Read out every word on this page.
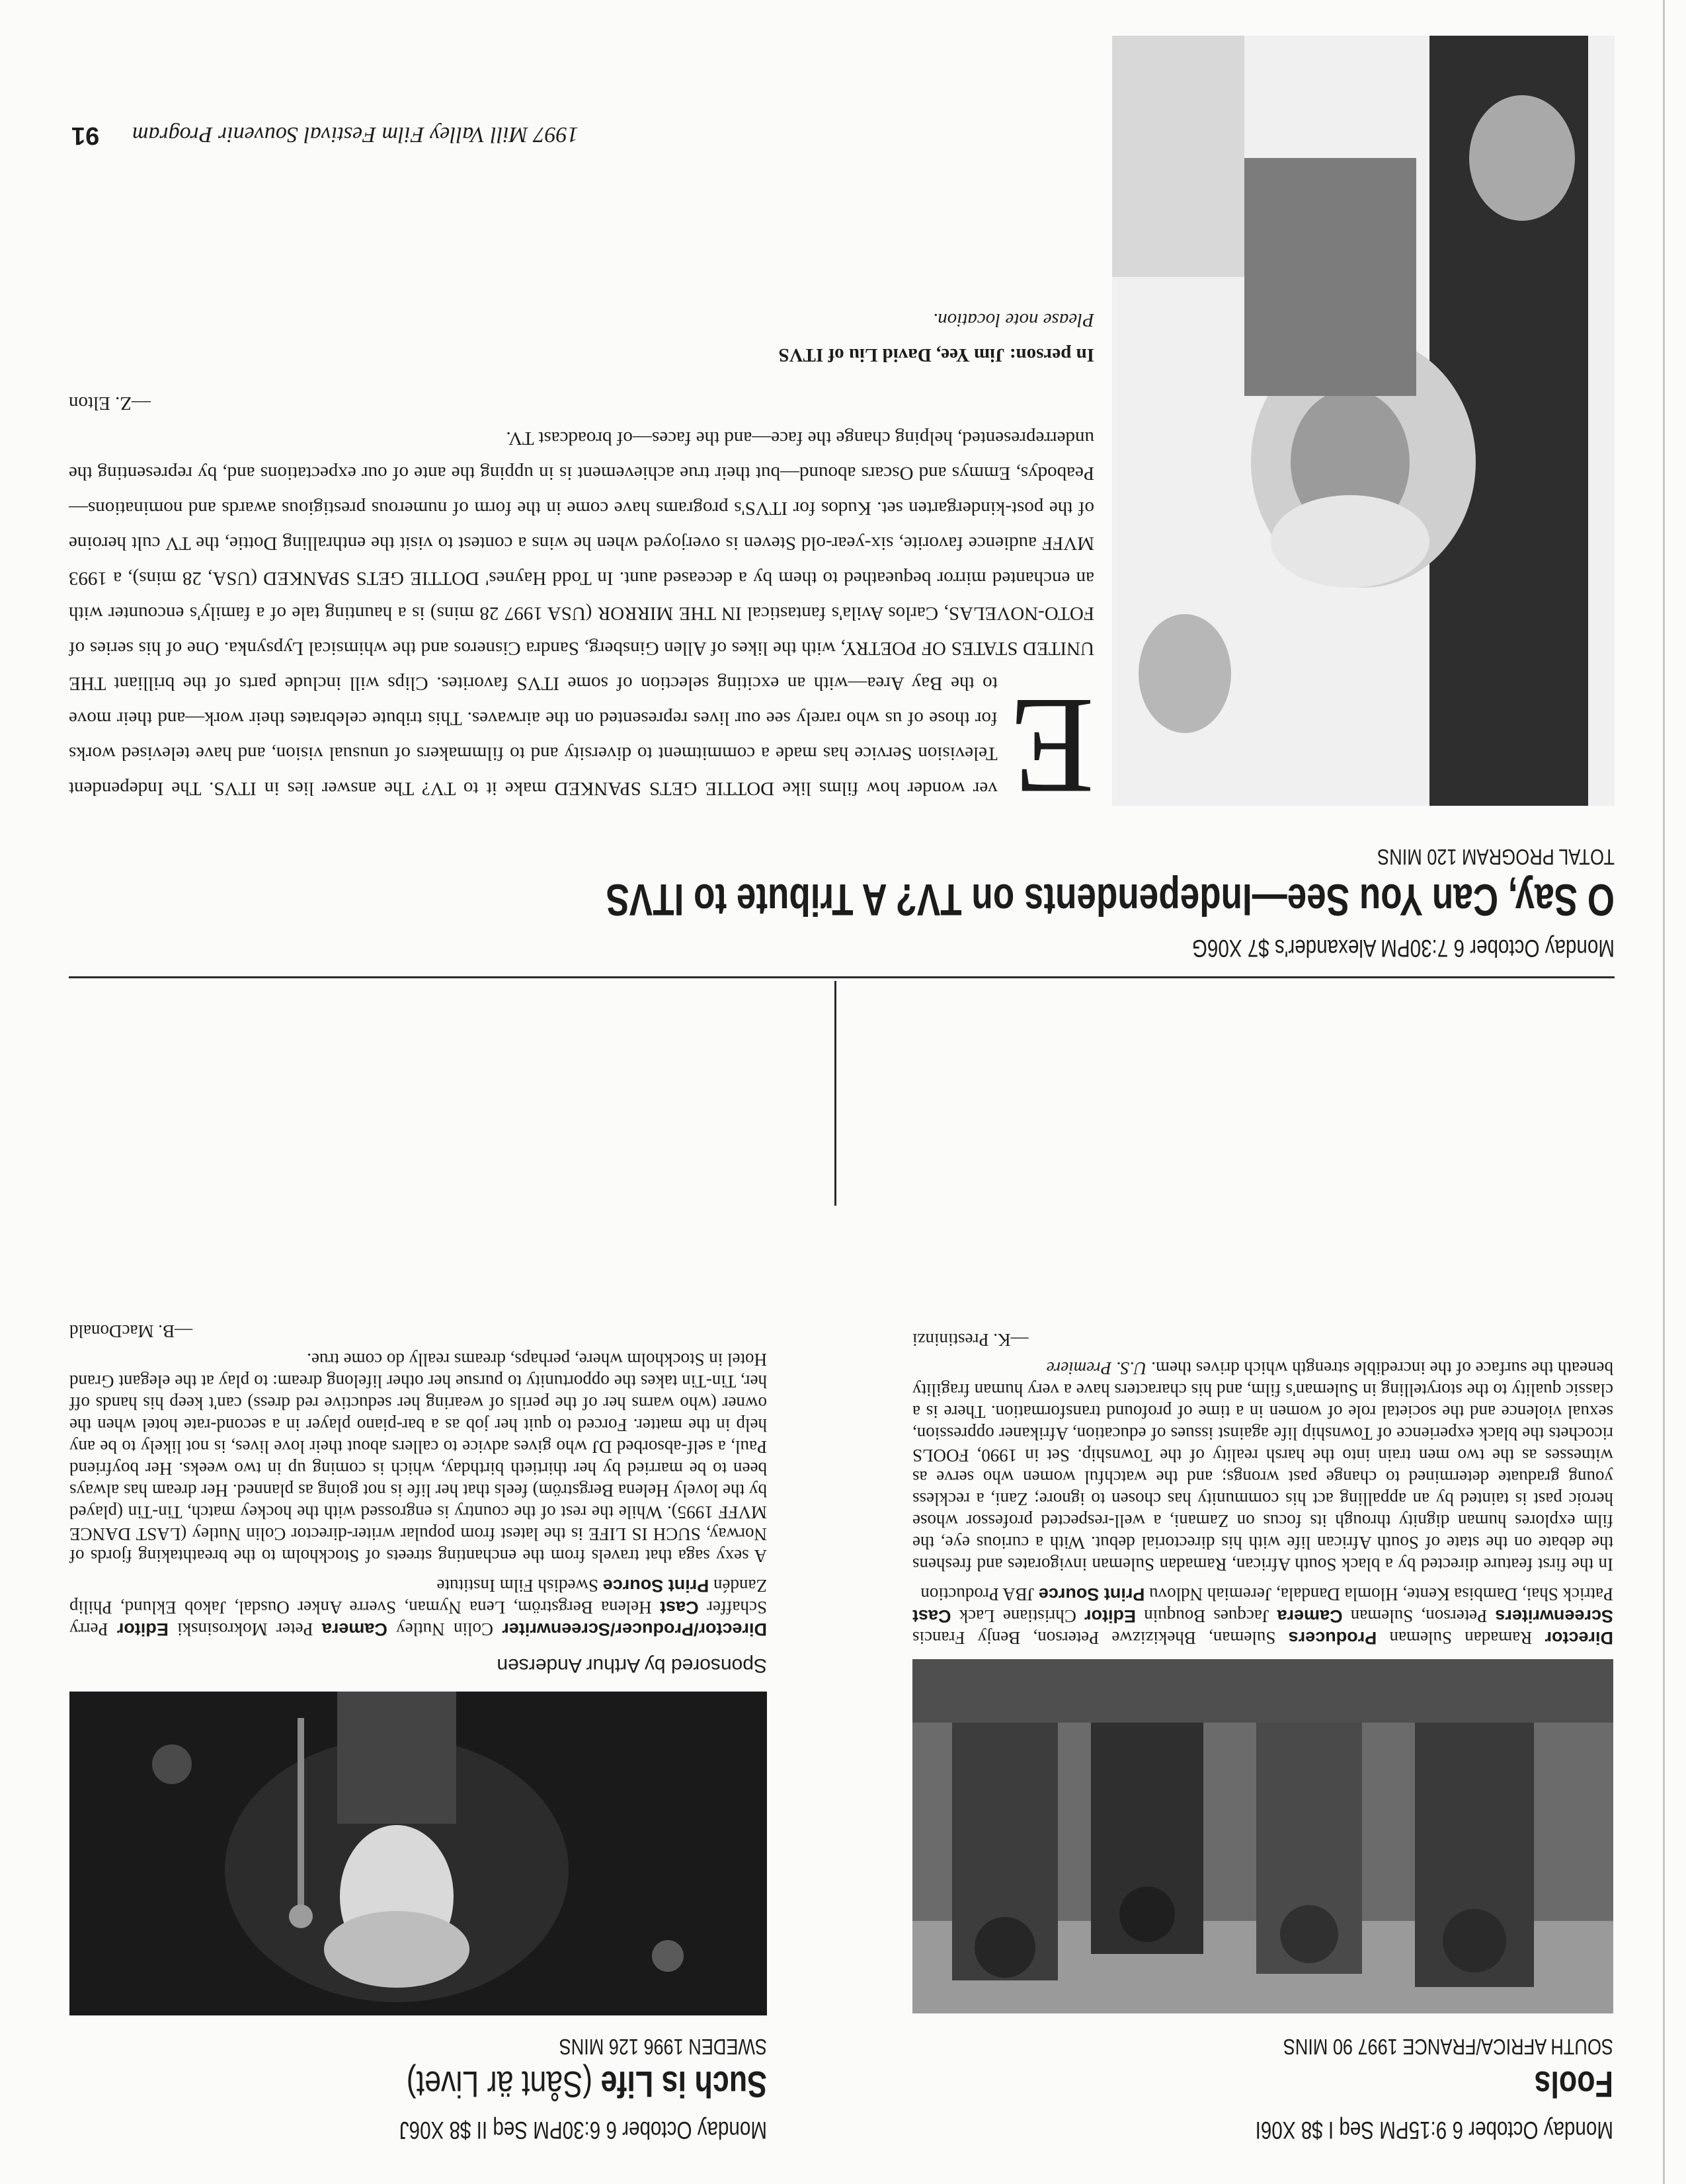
91 1997 Mill Valley Film Festival Souvenir Program
Monday October 6 9:15PM Seq I $8 X06I
Fools
SOUTH AFRICA/FRANCE 1997 90 MINS
Director Ramadan Suleman Producers Suleman, Bhekizizwe Peterson, Benjy Francis Screenwriters Peterson, Suleman Camera Jacques Bouquin Editor Christiane Lack Cast Patrick Shai, Dambisa Kente, Hlomla Dandala, Jeremiah Ndlovu Print Source JBA Production

In the first feature directed by a black South African, Ramadan Suleman invigorates and freshens the debate on the state of South African life with his directorial debut. With a curious eye, the film explores human dignity through its focus on Zamani, a well-respected professor whose heroic past is tainted by an appalling act his community has chosen to ignore; Zani, a reckless young graduate determined to change past wrongs; and the watchful women who serve as witnesses as the two men train into the harsh reality of the Township. Set in 1990, FOOLS ricochets the black experience of Township life against issues of education, Afrikaner oppression, sexual violence and the societal role of women in a time of profound transformation. There is a classic quality to the storytelling in Suleman's film, and his characters have a very human fragility beneath the surface of the incredible strength which drives them. U.S. Premiere

—K. Prestininzi
Monday October 6 6:30PM Seq II $8 X06J
Such is Life (Sånt är Livet)
SWEDEN 1996 126 MINS

Sponsored by Arthur Andersen

Director/Producer/Screenwriter Colin Nutley Camera Peter Mokrosinski Editor Perry Schaffer Cast Helena Bergström, Lena Nyman, Sverre Anker Ousdal, Jakob Eklund, Philip Zandén Print Source Swedish Film Institute

A sexy saga that travels from the enchanting streets of Stockholm to the breathtaking fjords of Norway, SUCH IS LIFE is the latest from popular writer-director Colin Nutley (LAST DANCE MVFF 1995). While the rest of the country is engrossed with the hockey match, Tin-Tin (played by the lovely Helena Bergström) feels that her life is not going as planned. Her dream has always been to be married by her thirtieth birthday, which is coming up in two weeks. Her boyfriend Paul, a self-absorbed DJ who gives advice to callers about their love lives, is not likely to be any help in the matter. Forced to quit her job as a bar-piano player in a second-rate hotel when the owner (who warns her of the perils of wearing her seductive red dress) can't keep his hands off her, Tin-Tin takes the opportunity to pursue her other lifelong dream: to play at the elegant Grand Hotel in Stockholm where, perhaps, dreams really do come true.

—B. MacDonald
Monday October 6 7:30PM Alexander's $7 X06G
O Say, Can You See—Independents on TV? A Tribute to ITVS
TOTAL PROGRAM 120 MINS
E
ver wonder how films like DOTTIE GETS SPANKED make it to TV? The answer lies in ITVS. The Independent Television Service has made a commitment to diversity and to filmmakers of unusual vision, and have televised works for those of us who rarely see our lives represented on the airwaves. This tribute celebrates their work—and their move to the Bay Area—with an exciting selection of some ITVS favorites. Clips will include parts of the brilliant THE UNITED STATES OF POETRY, with the likes of Allen Ginsberg, Sandra Cisneros and the whimsical Lypsynka. One of his series of FOTO-NOVELAS, Carlos Avila's fantastical IN THE MIRROR (USA 1997 28 mins) is a haunting tale of a family's encounter with an enchanted mirror bequeathed to them by a deceased aunt. In Todd Haynes' DOTTIE GETS SPANKED (USA, 28 mins), a 1993 MVFF audience favorite, six-year-old Steven is overjoyed when he wins a contest to visit the enthralling Dottie, the TV cult heroine of the post-kindergarten set. Kudos for ITVS's programs have come in the form of numerous prestigious awards and nominations—Peabodys, Emmys and Oscars abound—but their true achievement is in upping the ante of our expectations and, by representing the underrepresented, helping change the face—and the faces—of broadcast TV.
—Z. Elton
In person: Jim Yee, David Liu of ITVS
Please note location.
